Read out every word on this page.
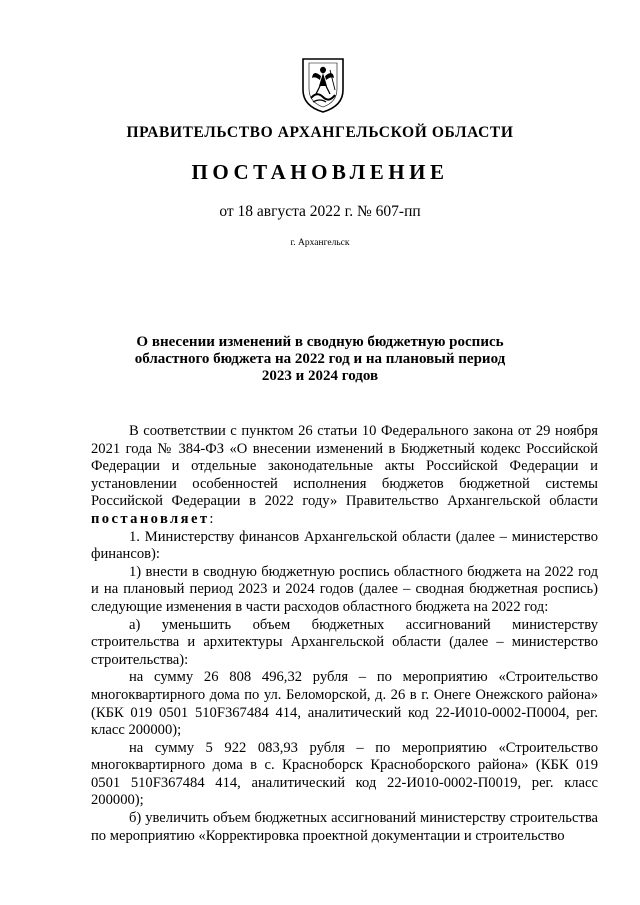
ПРАВИТЕЛЬСТВО АРХАНГЕЛЬСКОЙ ОБЛАСТИ
ПОСТАНОВЛЕНИЕ
от 18 августа 2022 г. № 607-пп
г. Архангельск
О внесении изменений в сводную бюджетную роспись
областного бюджета на 2022 год и на плановый период
2023 и 2024 годов

В соответствии с пунктом 26 статьи 10 Федерального закона от 29 ноября 2021 года № 384-ФЗ «О внесении изменений в Бюджетный кодекс Российской Федерации и отдельные законодательные акты Российской Федерации и установлении особенностей исполнения бюджетов бюджетной системы Российской Федерации в 2022 году» Правительство Архангельской области постановляет:

1. Министерству финансов Архангельской области (далее – министерство финансов):

1) внести в сводную бюджетную роспись областного бюджета на 2022 год и на плановый период 2023 и 2024 годов (далее – сводная бюджетная роспись) следующие изменения в части расходов областного бюджета на 2022 год:

а) уменьшить объем бюджетных ассигнований министерству строительства и архитектуры Архангельской области (далее – министерство строительства):

на сумму 26 808 496,32 рубля – по мероприятию «Строительство многоквартирного дома по ул. Беломорской, д. 26 в г. Онеге Онежского района» (КБК 019 0501 510F367484 414, аналитический код 22-И010-0002-П0004, рег. класс 200000);

на сумму 5 922 083,93 рубля – по мероприятию «Строительство многоквартирного дома в с. Красноборск Красноборского района» (КБК 019 0501 510F367484 414, аналитический код 22-И010-0002-П0019, рег. класс 200000);

б) увеличить объем бюджетных ассигнований министерству строительства по мероприятию «Корректировка проектной документации и строительство
